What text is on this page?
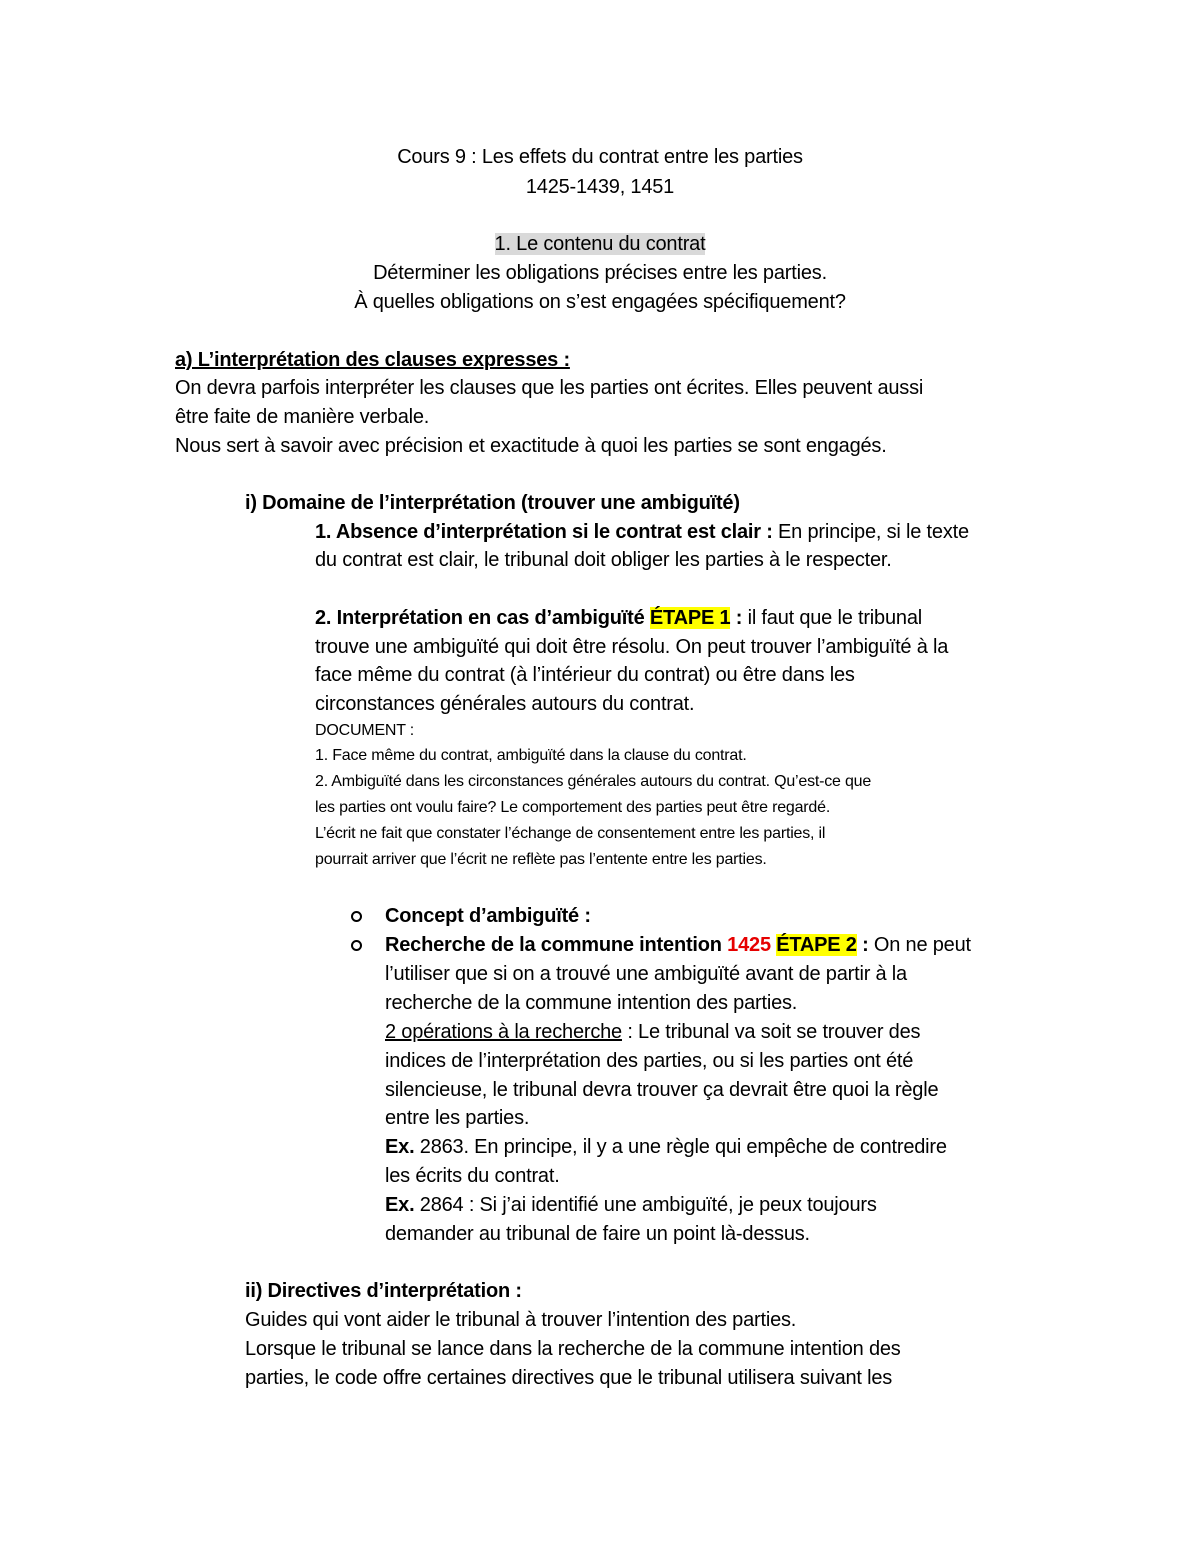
Cours 9 : Les effets du contrat entre les parties
1425-1439, 1451
1. Le contenu du contrat
Déterminer les obligations précises entre les parties.
À quelles obligations on s’est engagées spécifiquement?
a) L’interprétation des clauses expresses :
On devra parfois interpréter les clauses que les parties ont écrites. Elles peuvent aussi
être faite de manière verbale.
Nous sert à savoir avec précision et exactitude à quoi les parties se sont engagés.
i) Domaine de l’interprétation (trouver une ambiguïté)
1. Absence d’interprétation si le contrat est clair : En principe, si le texte
du contrat est clair, le tribunal doit obliger les parties à le respecter.
2. Interprétation en cas d’ambiguïté ÉTAPE 1 : il faut que le tribunal
trouve une ambiguïté qui doit être résolu. On peut trouver l’ambiguïté à la
face même du contrat (à l’intérieur du contrat) ou être dans les
circonstances générales autours du contrat.
DOCUMENT :
1. Face même du contrat, ambiguïté dans la clause du contrat.
2. Ambiguïté dans les circonstances générales autours du contrat. Qu’est-ce que
les parties ont voulu faire? Le comportement des parties peut être regardé.
L’écrit ne fait que constater l’échange de consentement entre les parties, il
pourrait arriver que l’écrit ne reflète pas l’entente entre les parties.
Concept d’ambiguïté :
Recherche de la commune intention 1425 ÉTAPE 2 : On ne peut
l’utiliser que si on a trouvé une ambiguïté avant de partir à la
recherche de la commune intention des parties.
2 opérations à la recherche : Le tribunal va soit se trouver des
indices de l’interprétation des parties, ou si les parties ont été
silencieuse, le tribunal devra trouver ça devrait être quoi la règle
entre les parties.
Ex. 2863. En principe, il y a une règle qui empêche de contredire
les écrits du contrat.
Ex. 2864 : Si j’ai identifié une ambiguïté, je peux toujours
demander au tribunal de faire un point là-dessus.
ii) Directives d’interprétation :
Guides qui vont aider le tribunal à trouver l’intention des parties.
Lorsque le tribunal se lance dans la recherche de la commune intention des
parties, le code offre certaines directives que le tribunal utilisera suivant les
